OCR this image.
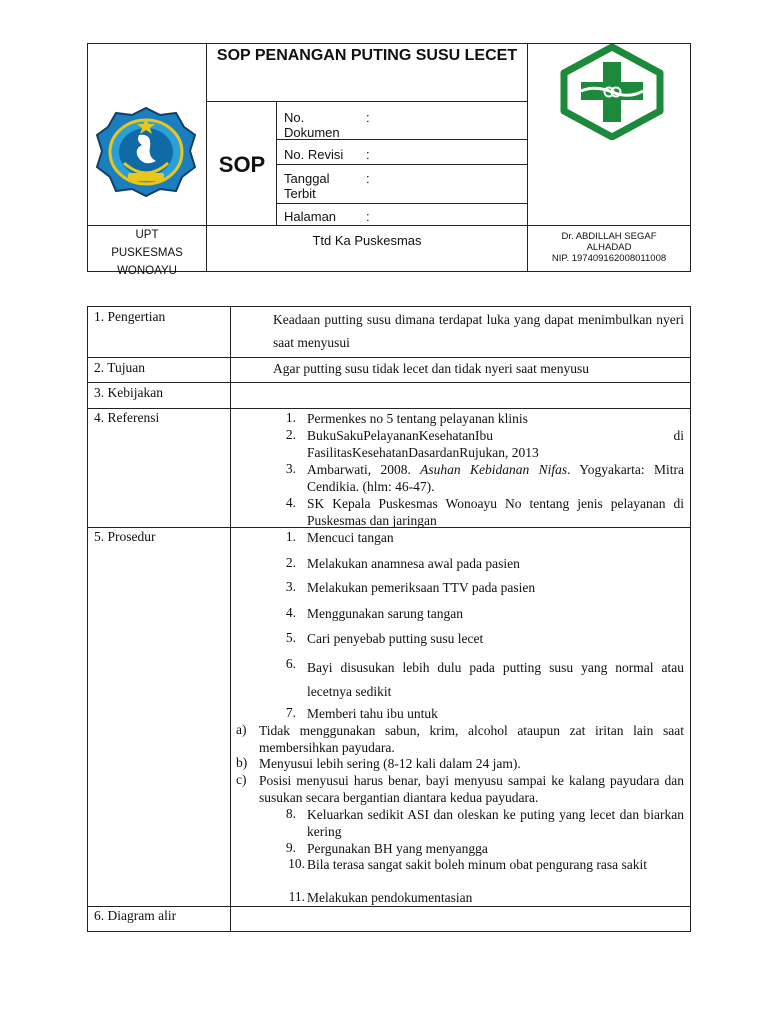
SOP PENANGAN PUTING SUSU LECET
SOP
No. Dokumen
:
No. Revisi :
Tanggal Terbit
:
Halaman :
UPT
PUSKESMAS
WONOAYU
Ttd Ka Puskesmas	Dr. ABDILLAH SEGAF
ALHADAD
NIP. 197409162008011008
1. Pengertian	Keadaan putting susu dimana terdapat luka yang dapat menimbulkan nyeri saat menyusui
2. Tujuan	Agar putting susu tidak lecet dan tidak nyeri saat menyusu
3. Kebijakan
4. Referensi	1. Permenkes no 5 tentang pelayanan klinis
2. BukuSakuPelayananKesehatanIbu di FasilitasKesehatanDasardanRujukan, 2013
3. Ambarwati, 2008. Asuhan Kebidanan Nifas. Yogyakarta: Mitra Cendikia. (hlm: 46-47).
4. SK Kepala Puskesmas Wonoayu No tentang jenis pelayanan di Puskesmas dan jaringan
5. Prosedur	1. Mencuci tangan
2. Melakukan anamnesa awal pada pasien
3. Melakukan pemeriksaan TTV pada pasien
4. Menggunakan sarung tangan
5. Cari penyebab putting susu lecet
6. Bayi disusukan lebih dulu pada putting susu yang normal atau lecetnya sedikit
7. Memberi tahu ibu untuk
a) Tidak menggunakan sabun, krim, alcohol ataupun zat iritan lain saat membersihkan payudara.
b) Menyusui lebih sering (8-12 kali dalam 24 jam).
c) Posisi menyusui harus benar, bayi menyusu sampai ke kalang payudara dan susukan secara bergantian diantara kedua payudara.
8. Keluarkan sedikit ASI dan oleskan ke puting yang lecet dan biarkan kering
9. Pergunakan BH yang menyangga
10. Bila terasa sangat sakit boleh minum obat pengurang rasa sakit
11. Melakukan pendokumentasian
6. Diagram alir
